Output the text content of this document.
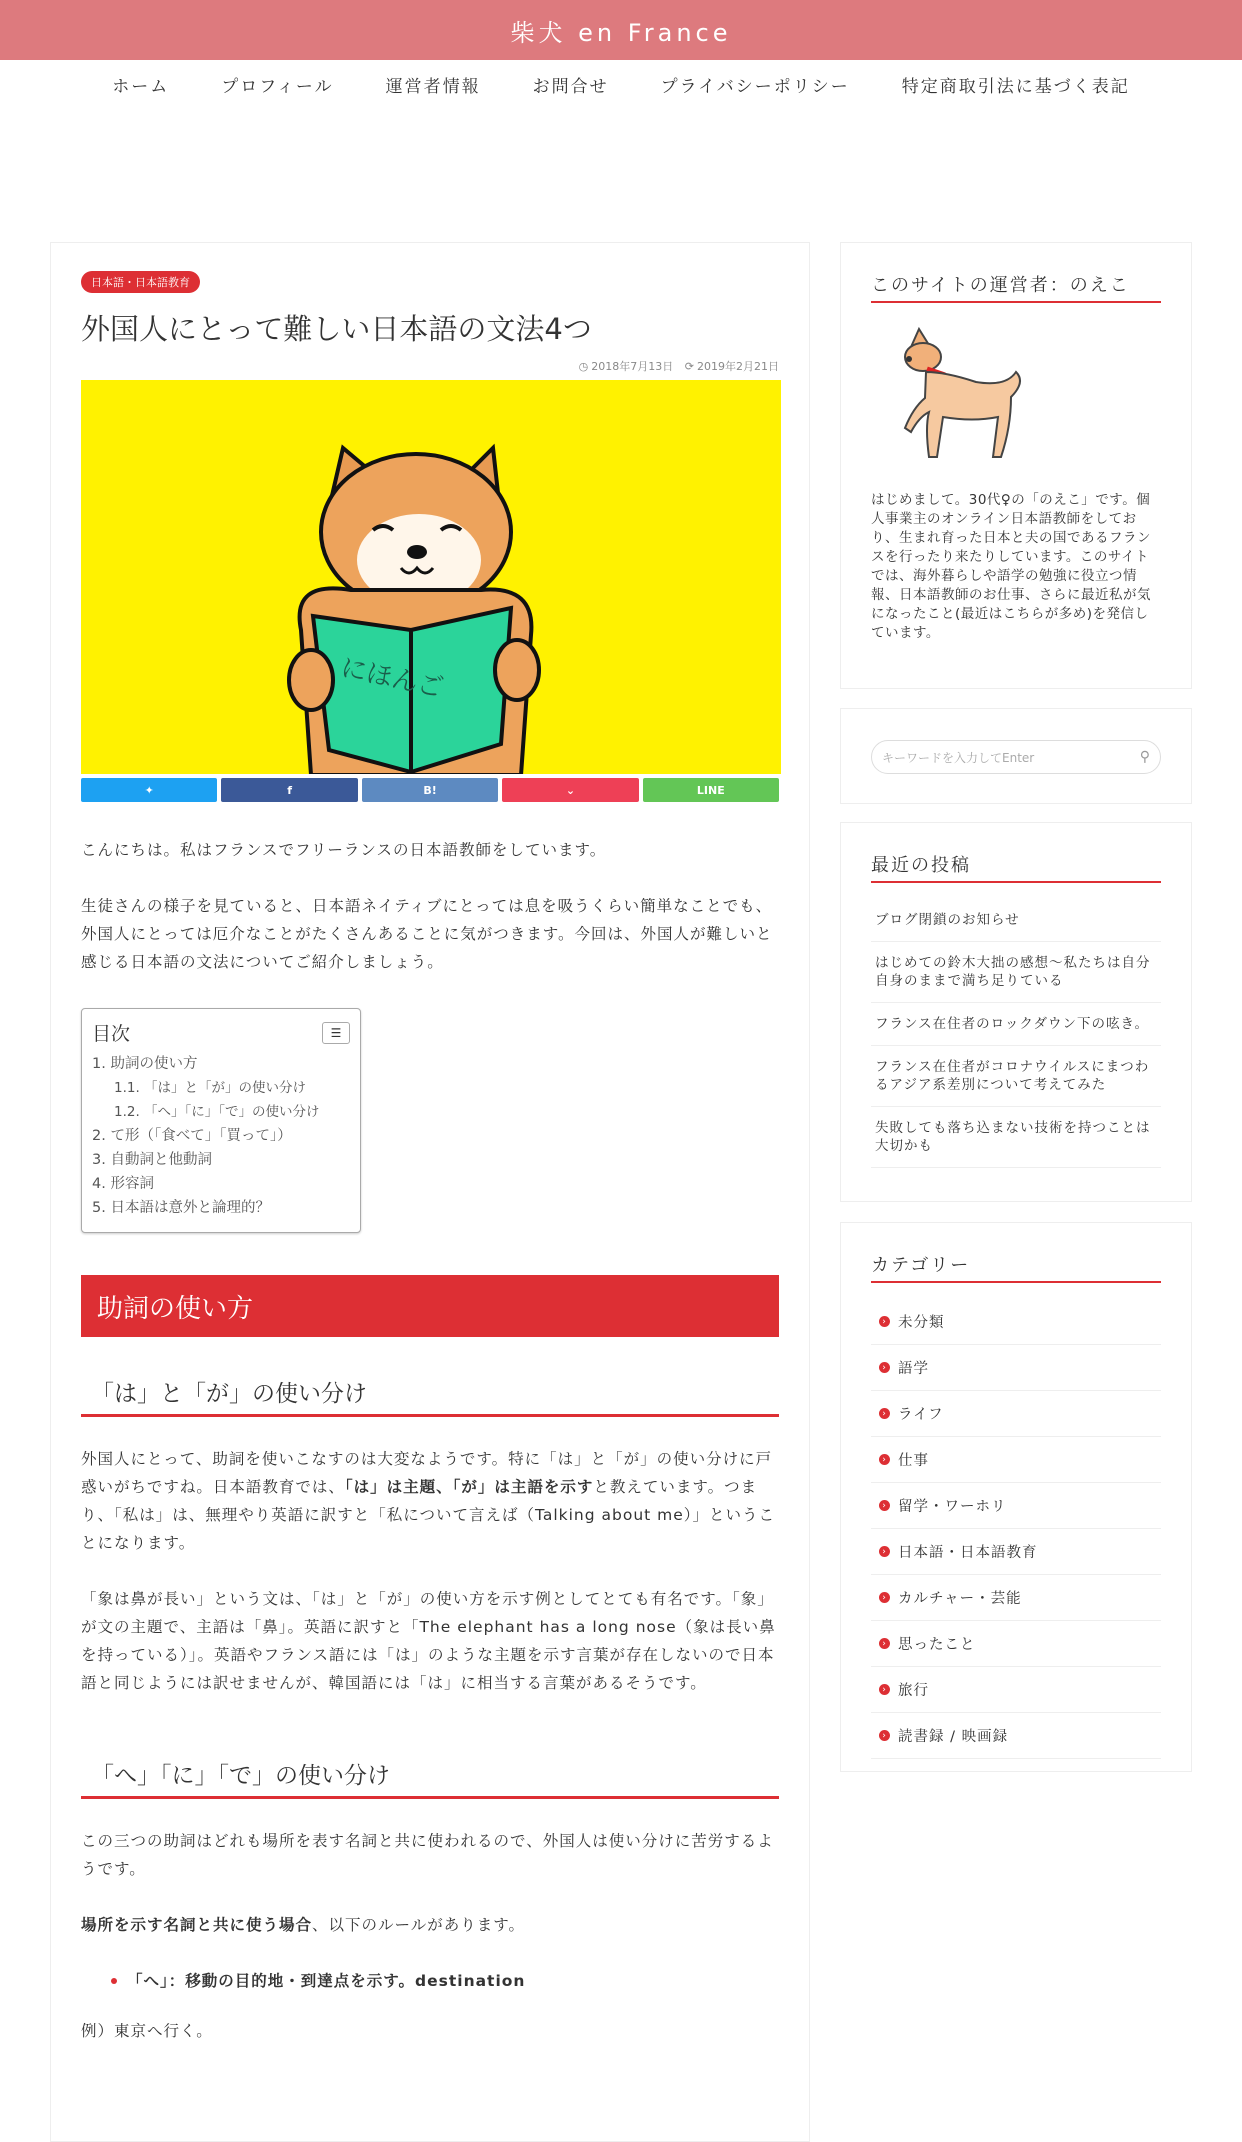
柴犬 en France
ホーム	プロフィール	運営者情報	お問合せ	プライバシーポリシー	特定商取引法に基づく表記
日本語・日本語教育
外国人にとって難しい日本語の文法4つ
◷ 2018年7月13日 ⟳ 2019年2月21日
にほんご
✦	f	B!	⌄	LINE

こんにちは。私はフランスでフリーランスの日本語教師をしています。

生徒さんの様子を見ていると、日本語ネイティブにとっては息を吸うくらい簡単なことでも、外国人にとっては厄介なことがたくさんあることに気がつきます。今回は、外国人が難しいと感じる日本語の文法についてご紹介しましょう。

目次	☰
1. 助詞の使い方
1.1. 「は」と「が」の使い分け
1.2. 「へ」「に」「で」の使い分け
2. て形（「食べて」「買って」）
3. 自動詞と他動詞
4. 形容詞
5. 日本語は意外と論理的？
助詞の使い方
「は」と「が」の使い分け

外国人にとって、助詞を使いこなすのは大変なようです。特に「は」と「が」の使い分けに戸惑いがちですね。日本語教育では、「は」は主題、「が」は主語を示すと教えています。つまり、「私は」は、無理やり英語に訳すと「私について言えば（Talking about me）」ということになります。

「象は鼻が長い」という文は、「は」と「が」の使い方を示す例としてとても有名です。「象」が文の主題で、主語は「鼻」。英語に訳すと「The elephant has a long nose（象は長い鼻を持っている）」。英語やフランス語には「は」のような主題を示す言葉が存在しないので日本語と同じようには訳せませんが、韓国語には「は」に相当する言葉があるそうです。

「へ」「に」「で」の使い分け

この三つの助詞はどれも場所を表す名詞と共に使われるので、外国人は使い分けに苦労するようです。

場所を示す名詞と共に使う場合、以下のルールがあります。

「へ」：移動の目的地・到達点を示す。destination

例）東京へ行く。

このサイトの運営者：のえこ
はじめまして。30代♀の「のえこ」です。個人事業主のオンライン日本語教師をしており、生まれ育った日本と夫の国であるフランスを行ったり来たりしています。このサイトでは、海外暮らしや語学の勉強に役立つ情報、日本語教師のお仕事、さらに最近私が気になったこと(最近はこちらが多め)を発信しています。
キーワードを入力してEnter	⚲
最近の投稿
ブログ閉鎖のお知らせ
はじめての鈴木大拙の感想～私たちは自分自身のままで満ち足りている
フランス在住者のロックダウン下の呟き。
フランス在住者がコロナウイルスにまつわるアジア系差別について考えてみた
失敗しても落ち込まない技術を持つことは大切かも
カテゴリー
› 未分類
› 語学
› ライフ
› 仕事
› 留学・ワーホリ
› 日本語・日本語教育
› カルチャー・芸能
› 思ったこと
› 旅行
› 読書録 / 映画録
